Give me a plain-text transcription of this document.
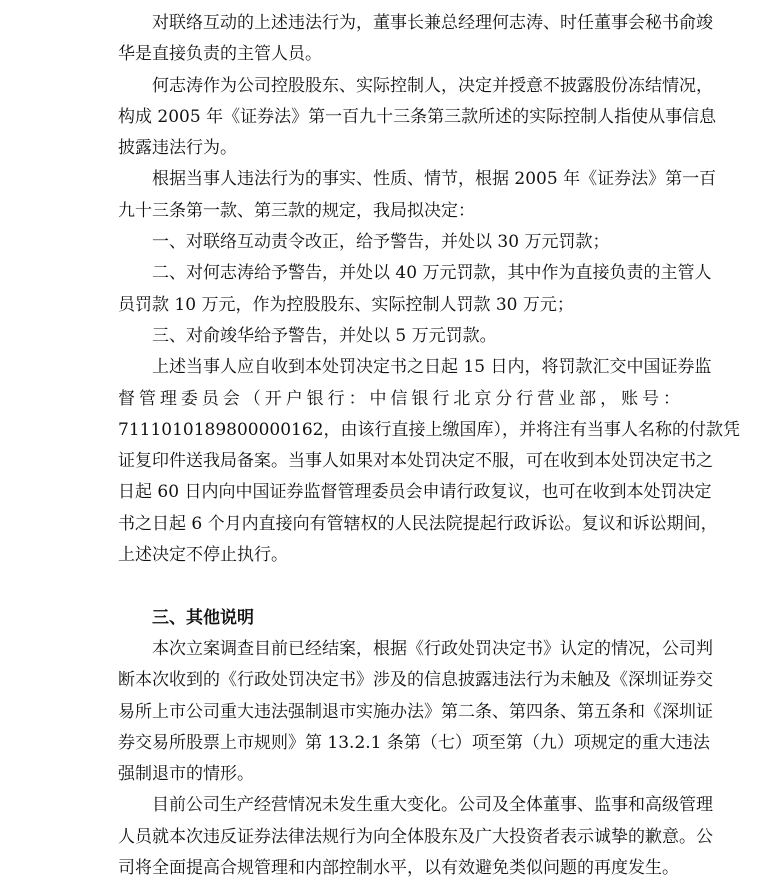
对联络互动的上述违法行为，董事长兼总经理何志涛、时任董事会秘书俞竣
华是直接负责的主管人员。
何志涛作为公司控股股东、实际控制人，决定并授意不披露股份冻结情况，
构成 2005 年《证券法》第一百九十三条第三款所述的实际控制人指使从事信息
披露违法行为。
根据当事人违法行为的事实、性质、情节，根据 2005 年《证券法》第一百
九十三条第一款、第三款的规定，我局拟决定：
一、对联络互动责令改正，给予警告，并处以 30 万元罚款；
二、对何志涛给予警告，并处以 40 万元罚款，其中作为直接负责的主管人
员罚款 10 万元，作为控股股东、实际控制人罚款 30 万元；
三、对俞竣华给予警告，并处以 5 万元罚款。
上述当事人应自收到本处罚决定书之日起 15 日内，将罚款汇交中国证券监
督管理委员会（开户银行：中信银行北京分行营业部，账号：
7111010189800000162，由该行直接上缴国库），并将注有当事人名称的付款凭
证复印件送我局备案。当事人如果对本处罚决定不服，可在收到本处罚决定书之
日起 60 日内向中国证券监督管理委员会申请行政复议，也可在收到本处罚决定
书之日起 6 个月内直接向有管辖权的人民法院提起行政诉讼。复议和诉讼期间，
上述决定不停止执行。
三、其他说明
本次立案调查目前已经结案，根据《行政处罚决定书》认定的情况，公司判
断本次收到的《行政处罚决定书》涉及的信息披露违法行为未触及《深圳证券交
易所上市公司重大违法强制退市实施办法》第二条、第四条、第五条和《深圳证
券交易所股票上市规则》第 13.2.1 条第（七）项至第（九）项规定的重大违法
强制退市的情形。
目前公司生产经营情况未发生重大变化。公司及全体董事、监事和高级管理
人员就本次违反证券法律法规行为向全体股东及广大投资者表示诚挚的歉意。公
司将全面提高合规管理和内部控制水平，以有效避免类似问题的再度发生。
